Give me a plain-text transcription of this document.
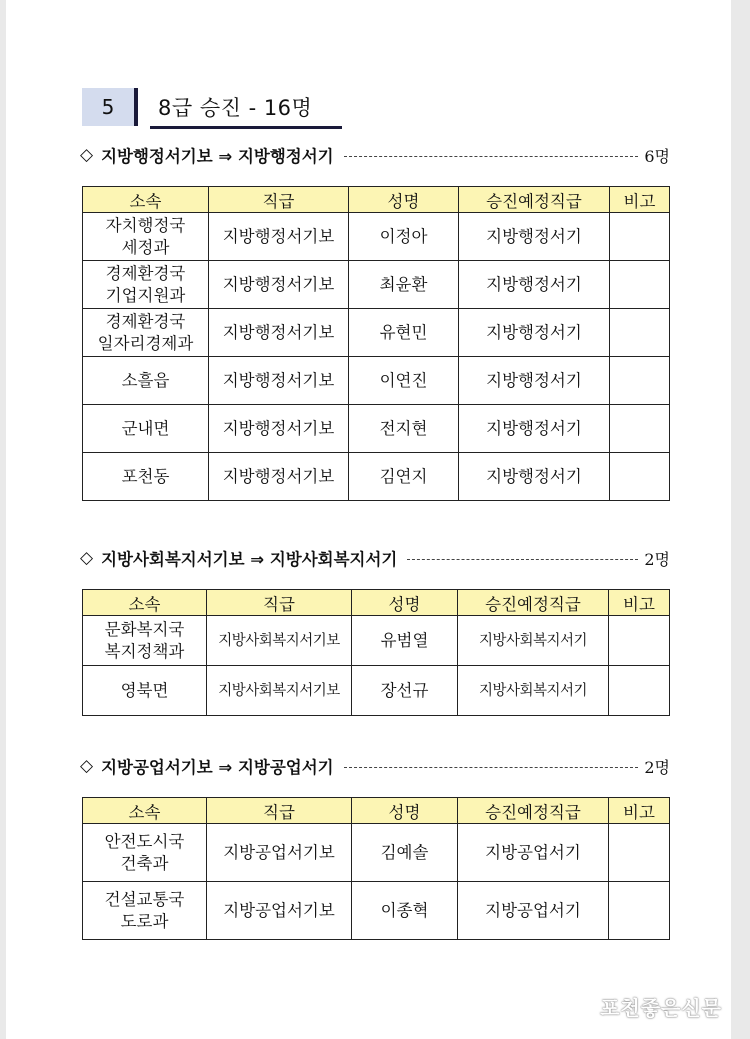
5	8급 승진 - 16명
◇ 지방행정서기보 ⇒ 지방행정서기	6명
소속	직급	성명	승진예정직급	비고
자치행정국
세정과	지방행정서기보	이정아	지방행정서기	
경제환경국
기업지원과	지방행정서기보	최윤환	지방행정서기	
경제환경국
일자리경제과	지방행정서기보	유현민	지방행정서기	
소흘읍	지방행정서기보	이연진	지방행정서기	
군내면	지방행정서기보	전지현	지방행정서기	
포천동	지방행정서기보	김연지	지방행정서기	
◇ 지방사회복지서기보 ⇒ 지방사회복지서기	2명
소속	직급	성명	승진예정직급	비고
문화복지국
복지정책과	지방사회복지서기보	유범열	지방사회복지서기	
영북면	지방사회복지서기보	장선규	지방사회복지서기	
◇ 지방공업서기보 ⇒ 지방공업서기	2명
소속	직급	성명	승진예정직급	비고
안전도시국
건축과	지방공업서기보	김예솔	지방공업서기	
건설교통국
도로과	지방공업서기보	이종혁	지방공업서기	
포천좋은신문
